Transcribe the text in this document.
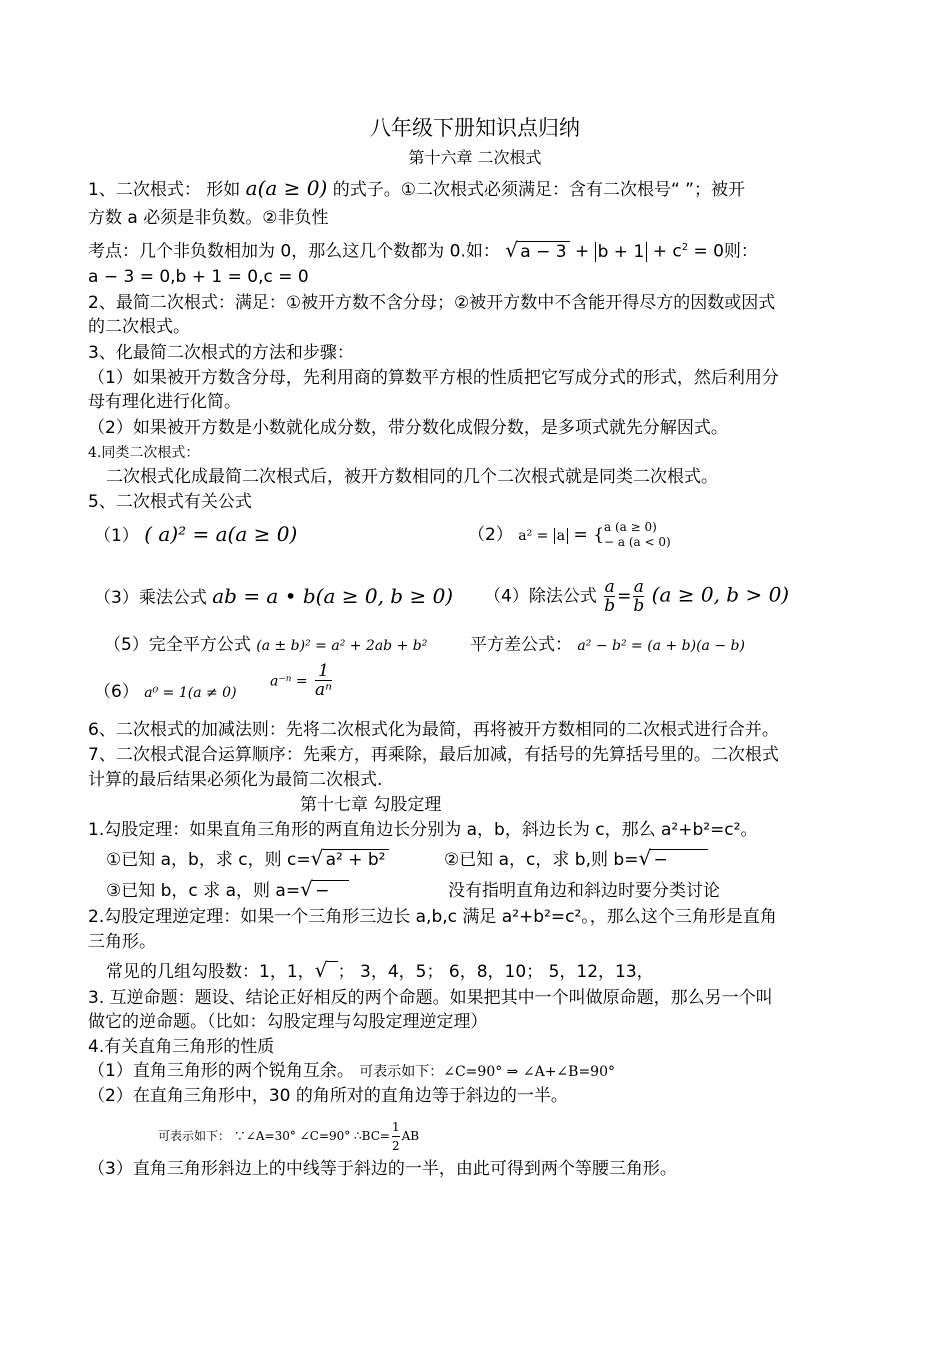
八年级下册知识点归纳
第十六章 二次根式
1、二次根式： 形如 a(a ≥ 0) 的式子。①二次根式必须满足：含有二次根号“ ”；被开
方数 a 必须是非负数。②非负性
考点：几个非负数相加为 0，那么这几个数都为 0.如： √ $a - 3 + b + 1 + c^2 = 0$则：
a − 3 = 0,b + 1 = 0,c = 0
2、最简二次根式：满足：①被开方数不含分母；②被开方数中不含能开得尽方的因数或因式
的二次根式。
3、化最简二次根式的方法和步骤：
（1）如果被开方数含分母，先利用商的算数平方根的性质把它写成分式的形式，然后利用分
母有理化进行化简。
（2）如果被开方数是小数就化成分数，带分数化成假分数，是多项式就先分解因式。
4.同类二次根式：
二次根式化成最简二次根式后，被开方数相同的几个二次根式就是同类二次根式。
5、二次根式有关公式
（1） ( a)² = a(a ≥ 0)	（2） a² = a = { a (a ≥ 0)
− a (a < 0)
（3）乘法公式 ab = a • b(a ≥ 0, b ≥ 0) （4）除法公式 $\frac{a}{b} = \frac{a}{b} (a \ge 0$, b > 0)
（5）完全平方公式 (a ± b)² = a² + 2ab + b²	平方差公式： a² − b² = (a + b)(a − b)
（6） a⁰ = 1(a ≠ 0)
$a^{-n} = \frac{1}{\text{aⁿ}}$
6、二次根式的加减法则：先将二次根式化为最简，再将被开方数相同的二次根式进行合并。
7、二次根式混合运算顺序：先乘方，再乘除，最后加减，有括号的先算括号里的。二次根式
计算的最后结果必须化为最简二次根式.
第十七章 勾股定理
1.勾股定理：如果直角三角形的两直角边长分别为 a，b，斜边长为 c，那么 a²+b²=c²。
①已知 a，b，求 c，则 c= √ a² + b²	②已知 a，c，求 b,则 b=√ −
③已知 b，c 求 a，则 a=√ −	没有指明直角边和斜边时要分类讨论
2.勾股定理逆定理：如果一个三角形三边长 a,b,c 满足 a²+b²=c²。，那么这个三角形是直角
三角形。
常见的几组勾股数：1，1， √ ； 3，4，5； 6，8，10； 5，12，13，
3. 互逆命题：题设、结论正好相反的两个命题。如果把其中一个叫做原命题，那么另一个叫
做它的逆命题。（比如：勾股定理与勾股定理逆定理）
4.有关直角三角形的性质
（1）直角三角形的两个锐角互余。 可表示如下：∠C=90° ⇒ ∠A+∠B=90°
（2）在直角三角形中，30 的角所对的直角边等于斜边的一半。
可表示如下： ∵∠A=30° ∠C=90° ∴BC= $\frac{1}{2}$ AB
（3）直角三角形斜边上的中线等于斜边的一半，由此可得到两个等腰三角形。
